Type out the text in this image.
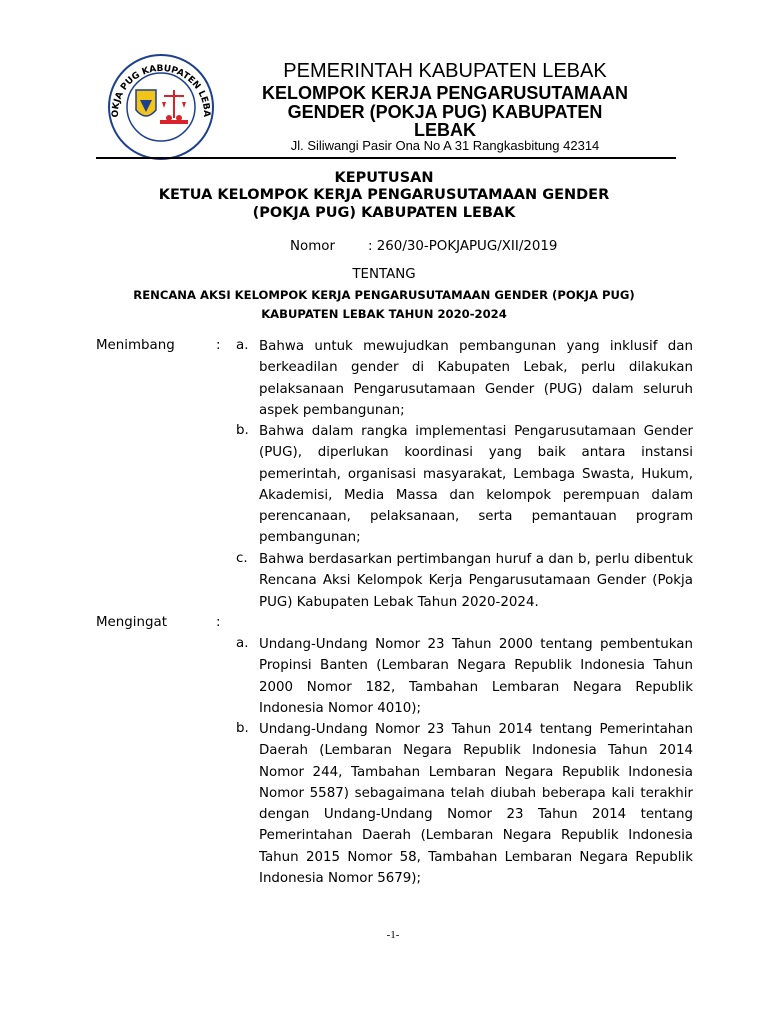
OKJA PUG KABUPATEN LEBA
PEMERINTAH KABUPATEN LEBAK
KELOMPOK KERJA PENGARUSUTAMAAN
GENDER (POKJA PUG) KABUPATEN
LEBAK
Jl. Siliwangi Pasir Ona No A 31 Rangkasbitung 42314
KEPUTUSAN
KETUA KELOMPOK KERJA PENGARUSUTAMAAN GENDER
(POKJA PUG) KABUPATEN LEBAK
Nomor : 260/30-POKJAPUG/XII/2019
TENTANG
RENCANA AKSI KELOMPOK KERJA PENGARUSUTAMAAN GENDER (POKJA PUG)
KABUPATEN LEBAK TAHUN 2020-2024
Menimbang	: a. Bahwa untuk mewujudkan pembangunan yang inklusif dan berkeadilan gender di Kabupaten Lebak, perlu dilakukan pelaksanaan Pengarusutamaan Gender (PUG) dalam seluruh aspek pembangunan;

b. Bahwa dalam rangka implementasi Pengarusutamaan Gender (PUG), diperlukan koordinasi yang baik antara instansi pemerintah, organisasi masyarakat, Lembaga Swasta, Hukum, Akademisi, Media Massa dan kelompok perempuan dalam perencanaan, pelaksanaan, serta pemantauan program pembangunan;

c. Bahwa berdasarkan pertimbangan huruf a dan b, perlu dibentuk Rencana Aksi Kelompok Kerja Pengarusutamaan Gender (Pokja PUG) Kabupaten Lebak Tahun 2020-2024.

Mengingat	:
a. Undang-Undang Nomor 23 Tahun 2000 tentang pembentukan Propinsi Banten (Lembaran Negara Republik Indonesia Tahun 2000 Nomor 182, Tambahan Lembaran Negara Republik Indonesia Nomor 4010);

b. Undang-Undang Nomor 23 Tahun 2014 tentang Pemerintahan Daerah (Lembaran Negara Republik Indonesia Tahun 2014 Nomor 244, Tambahan Lembaran Negara Republik Indonesia Nomor 5587) sebagaimana telah diubah beberapa kali terakhir dengan Undang-Undang Nomor 23 Tahun 2014 tentang Pemerintahan Daerah (Lembaran Negara Republik Indonesia Tahun 2015 Nomor 58, Tambahan Lembaran Negara Republik Indonesia Nomor 5679);

-1-
